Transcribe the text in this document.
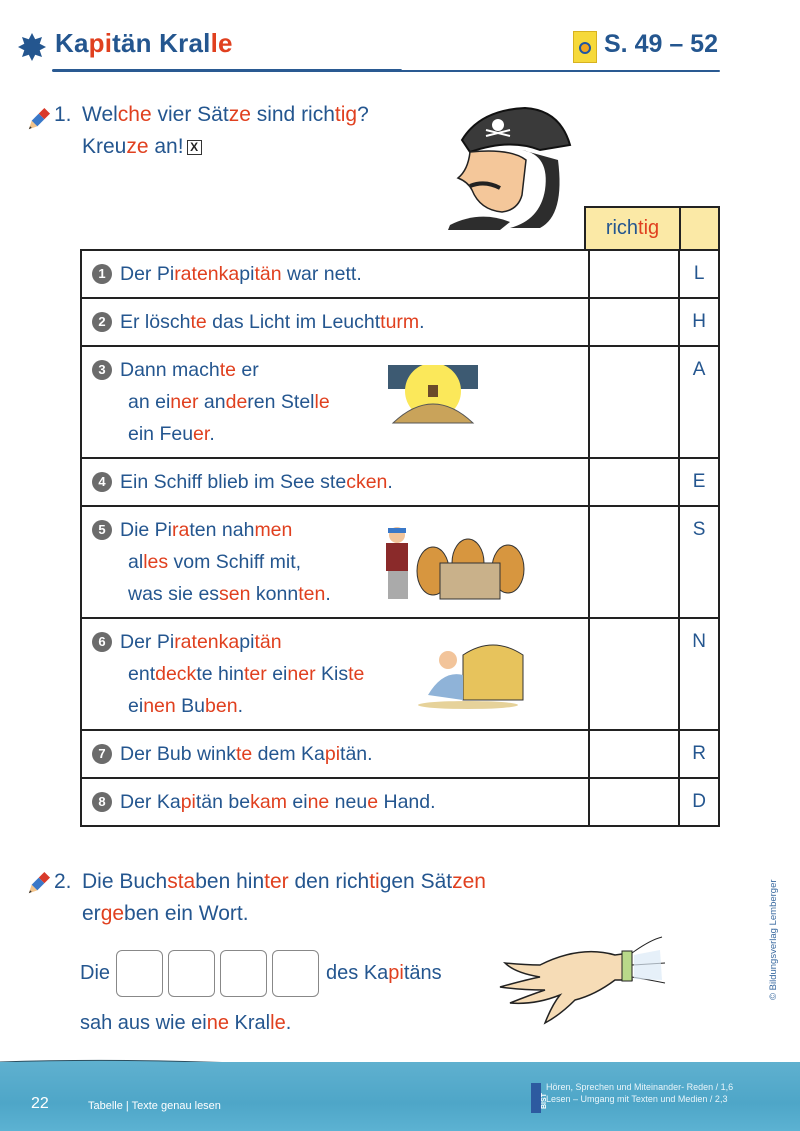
Kapitän Kralle	S. 49 – 52
1. Welche vier Sätze sind richtig?
Kreuze an! X
richtig
1 Der Piratenkapitän war nett.		L

2 Er löschte das Licht im Leuchtturm.		H

3 Dann machte er
an einer anderen Stelle
ein Feuer.		A

4 Ein Schiff blieb im See stecken.		E

5 Die Piraten nahmen
alles vom Schiff mit,
was sie essen konnten.		S

6 Der Piratenkapitän
entdeckte hinter einer Kiste
einen Buben.		N

7 Der Bub winkte dem Kapitän.		R

8 Der Kapitän bekam eine neue Hand.		D
2. Die Buchstaben hinter den richtigen Sätzen
ergeben ein Wort.
Die	des Kapitäns
sah aus wie eine Kralle.
© Bildungsverlag Lemberger
22	Tabelle | Texte genau lesen	BIST
Hören, Sprechen und Miteinander- Reden / 1,6
Lesen – Umgang mit Texten und Medien / 2,3
